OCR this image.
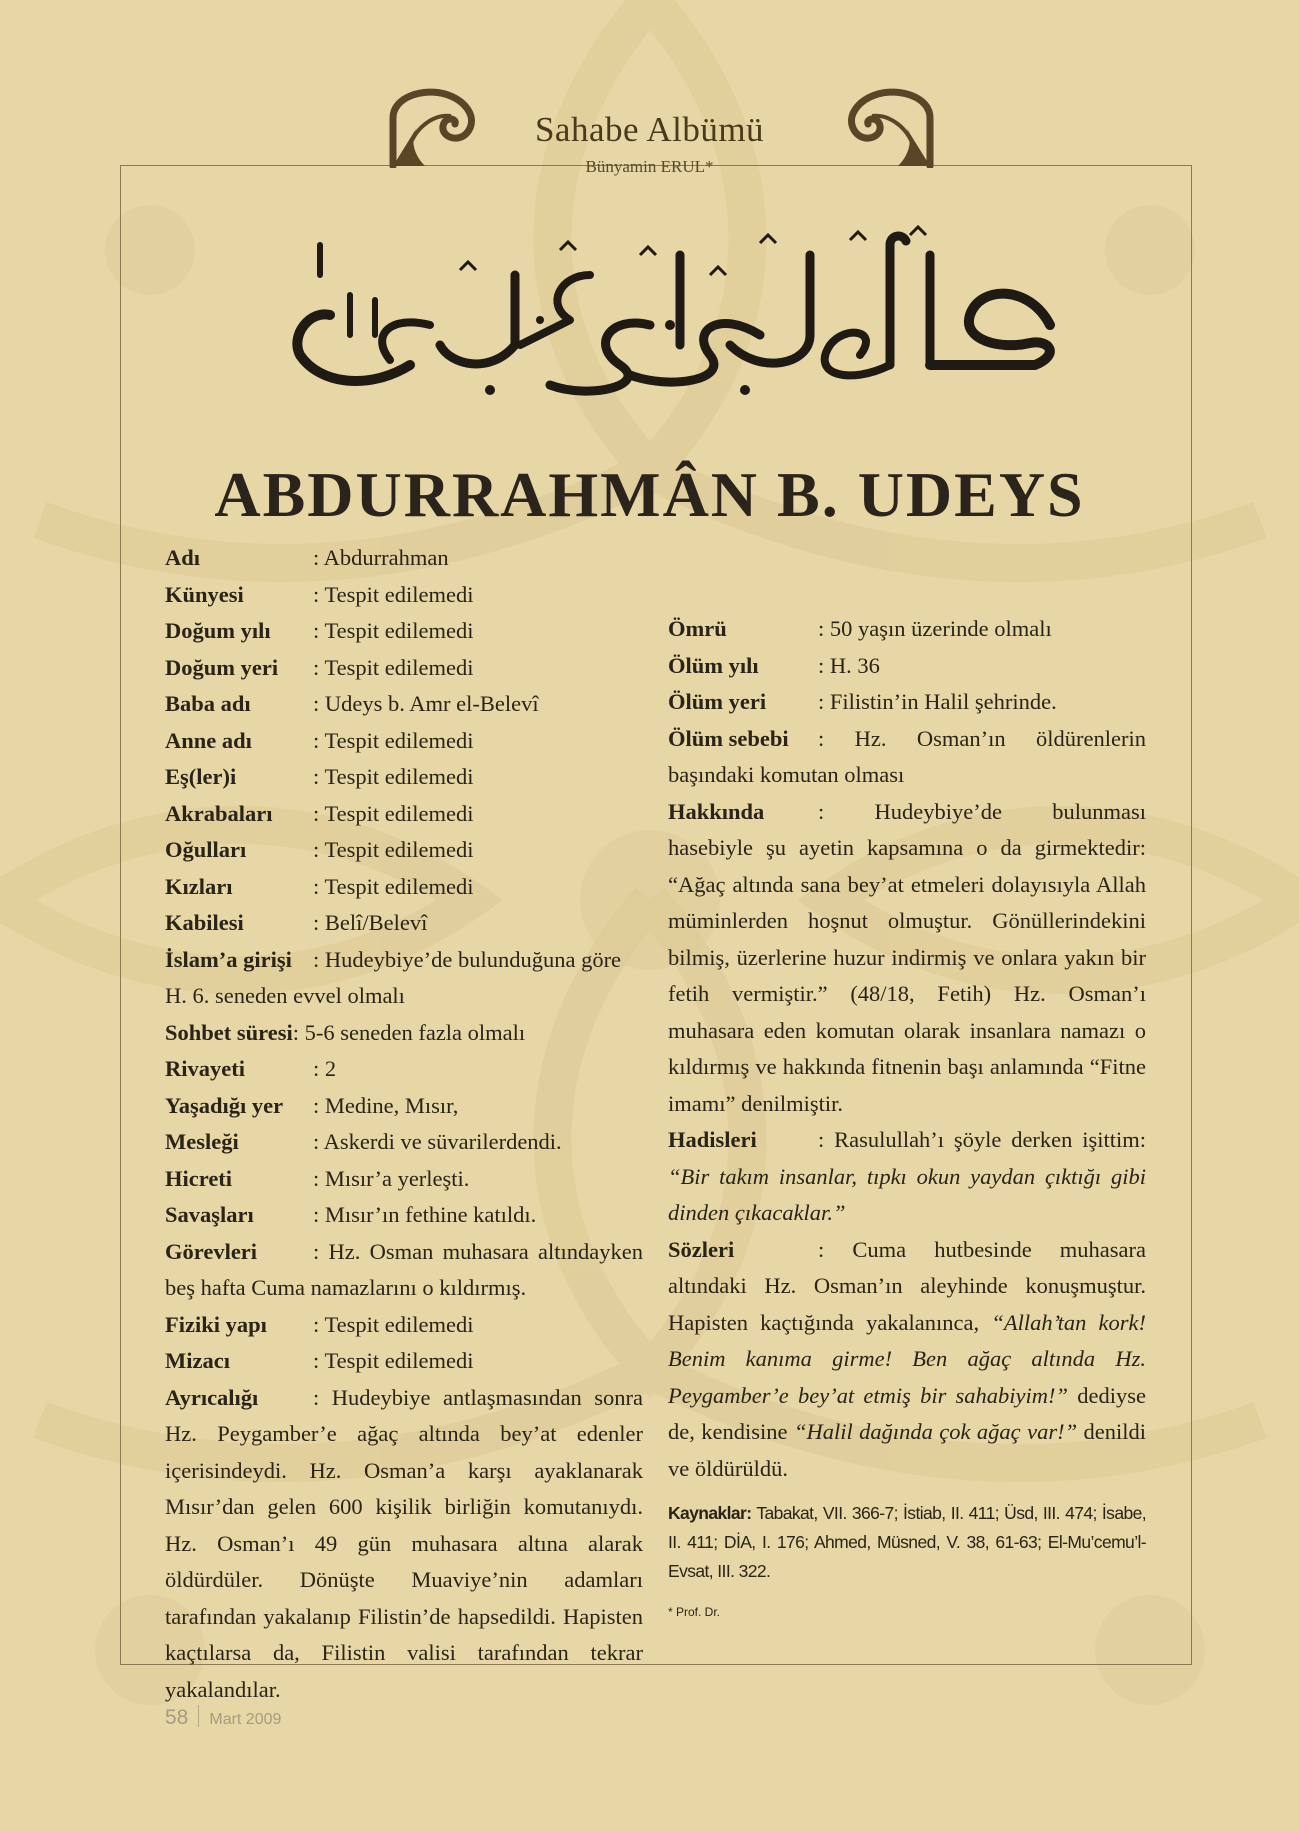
Sahabe Albümü
Bünyamin ERUL*
ABDURRAHMÂN B. UDEYS
Adı	: Abdurrahman
Künyesi	: Tespit edilemedi
Doğum yılı : Tespit edilemedi
Doğum yeri : Tespit edilemedi
Baba adı	: Udeys b. Amr el-Belevî
Anne adı	: Tespit edilemedi
Eş(ler)i	: Tespit edilemedi
Akrabaları : Tespit edilemedi
Oğulları	: Tespit edilemedi
Kızları	: Tespit edilemedi
Kabilesi	: Belî/Belevî
İslam’a girişi : Hudeybiye’de bulunduğuna göre
H. 6. seneden evvel olmalı
Sohbet süresi: 5-6 seneden fazla olmalı
Rivayeti	: 2
Yaşadığı yer : Medine, Mısır,
Mesleği	: Askerdi ve süvarilerdendi.
Hicreti	: Mısır’a yerleşti.
Savaşları	: Mısır’ın fethine katıldı.
Görevleri : Hz. Osman muhasara altındayken beş hafta Cuma namazlarını o kıldırmış.
Fiziki yapı : Tespit edilemedi
Mizacı	: Tespit edilemedi
Ayrıcalığı : Hudeybiye antlaşmasından sonra Hz. Peygamber’e ağaç altında bey’at edenler içerisindeydi. Hz. Osman’a karşı ayaklanarak Mısır’dan gelen 600 kişilik birliğin komutanıydı. Hz. Osman’ı 49 gün muhasara altına alarak öldürdüler. Dönüşte Muaviye’nin adamları tarafından yakalanıp Filistin’de hapsedildi. Hapisten kaçtılarsa da, Filistin valisi tarafından tekrar yakalandılar.
Ömrü	: 50 yaşın üzerinde olmalı
Ölüm yılı	: H. 36
Ölüm yeri : Filistin’in Halil şehrinde.
Ölüm sebebi : Hz. Osman’ın öldürenlerin başındaki komutan olması
Hakkında : Hudeybiye’de bulunması hasebiyle şu ayetin kapsamına o da girmektedir: “Ağaç altında sana bey’at etmeleri dolayısıyla Allah müminlerden hoşnut olmuştur. Gönüllerindekini bilmiş, üzerlerine huzur indirmiş ve onlara yakın bir fetih vermiştir.” (48/18, Fetih) Hz. Osman’ı muhasara eden komutan olarak insanlara namazı o kıldırmış ve hakkında fitnenin başı anlamında “Fitne imamı” denilmiştir.
Hadisleri	: Rasulullah’ı şöyle derken işittim: “Bir takım insanlar, tıpkı okun yaydan çıktığı gibi dinden çıkacaklar.”
Sözleri	: Cuma hutbesinde muhasara altındaki Hz. Osman’ın aleyhinde konuşmuştur. Hapisten kaçtığında yakalanınca, “Allah’tan kork! Benim kanıma girme! Ben ağaç altında Hz. Peygamber’e bey’at etmiş bir sahabiyim!” dediyse de, kendisine “Halil dağında çok ağaç var!” denildi ve öldürüldü.
Kaynaklar: Tabakat, VII. 366-7; İstiab, II. 411; Üsd, III. 474; İsabe, II. 411; DİA, I. 176; Ahmed, Müsned, V. 38, 61-63; El-Mu’cemu’l-Evsat, III. 322.
* Prof. Dr.
58 Mart 2009
